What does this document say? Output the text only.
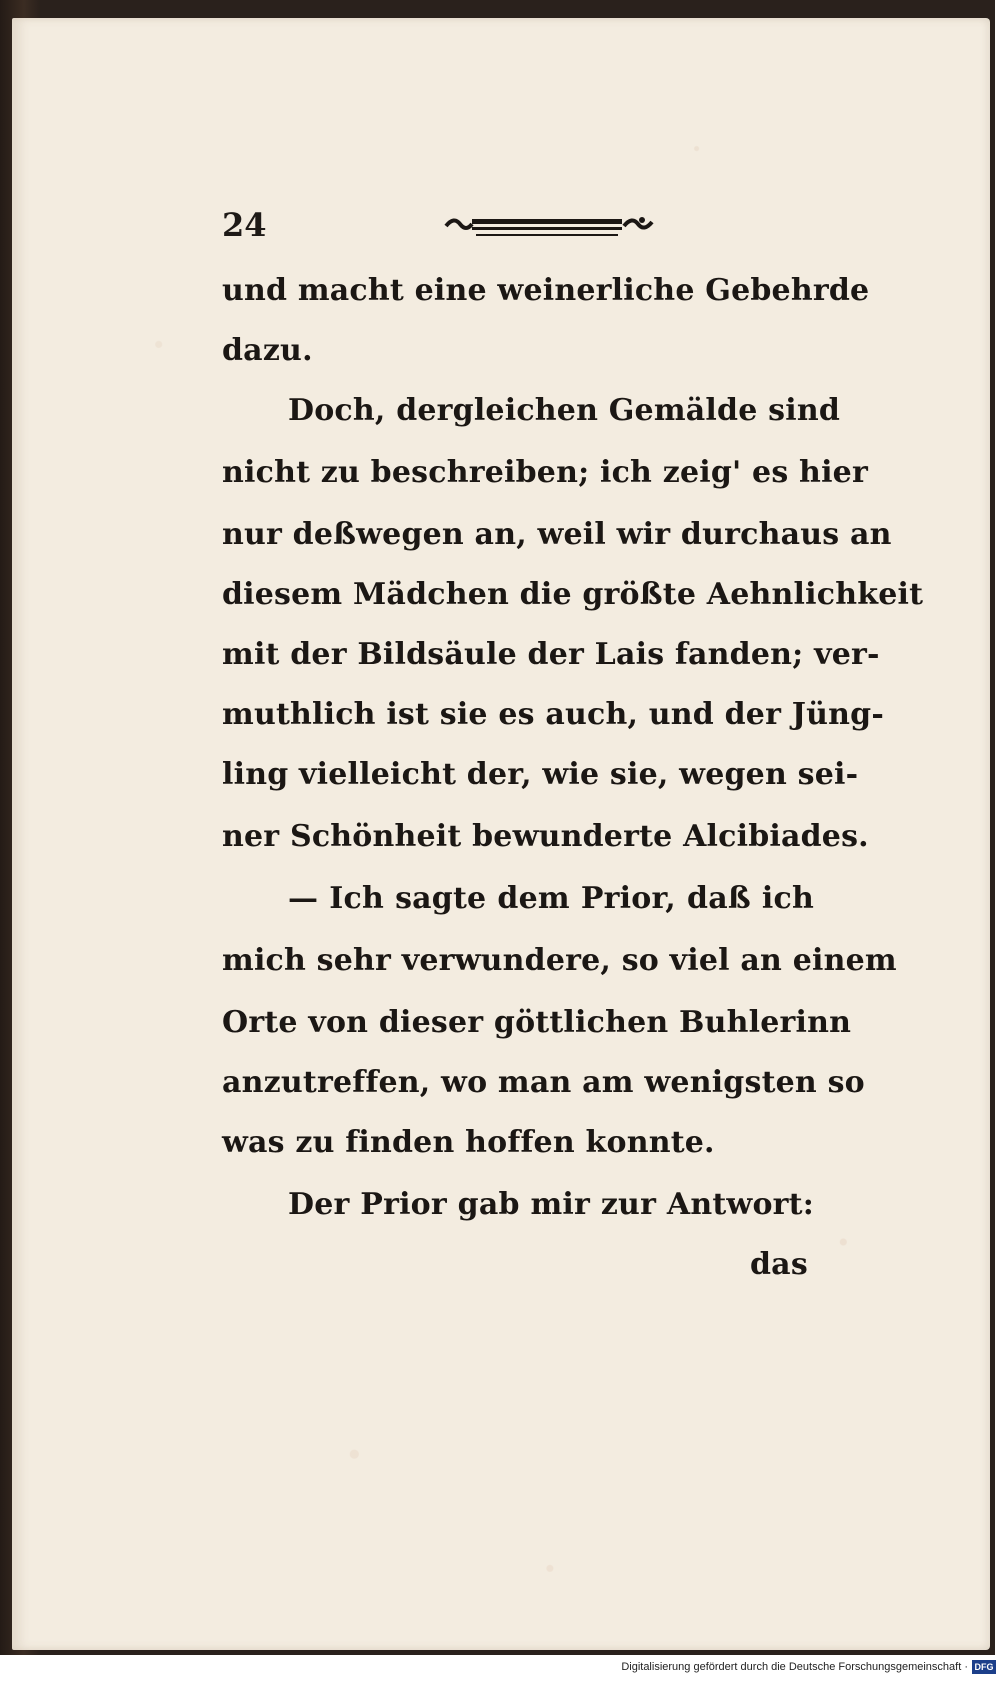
24

und macht eine weinerliche Gebehrde

dazu.

Doch, dergleichen Gemälde sind

nicht zu beschreiben; ich zeig' es hier

nur deßwegen an, weil wir durchaus an

diesem Mädchen die größte Aehnlichkeit

mit der Bildsäule der Lais fanden; ver-

muthlich ist sie es auch, und der Jüng-

ling vielleicht der, wie sie, wegen sei-

ner Schönheit bewunderte Alcibiades.

— Ich sagte dem Prior, daß ich

mich sehr verwundere, so viel an einem

Orte von dieser göttlichen Buhlerinn

anzutreffen, wo man am wenigsten so

was zu finden hoffen konnte.

Der Prior gab mir zur Antwort:

das

Digitalisierung gefördert durch die Deutsche Forschungsgemeinschaft · DFG
